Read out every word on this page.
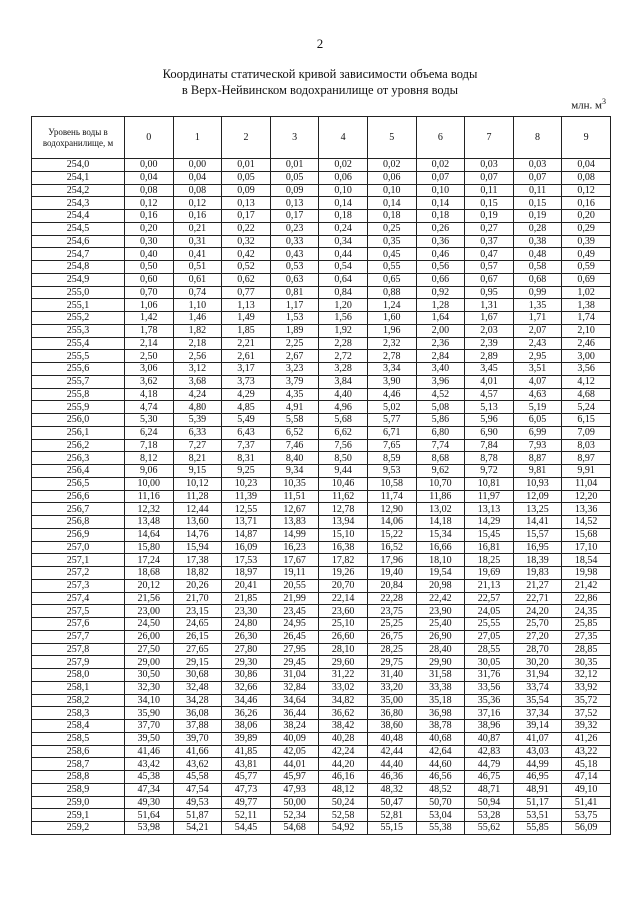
2
Координаты статической кривой зависимости объема воды
в Верх-Нейвинском водохранилище от уровня воды
млн. $м^3$
Уровень воды в водохранилище, м	0	1	2	3	4	5	6	7	8	9
254,0	0,00	0,00	0,01	0,01	0,02	0,02	0,02	0,03	0,03	0,04
254,1	0,04	0,04	0,05	0,05	0,06	0,06	0,07	0,07	0,07	0,08
254,2	0,08	0,08	0,09	0,09	0,10	0,10	0,10	0,11	0,11	0,12
254,3	0,12	0,12	0,13	0,13	0,14	0,14	0,14	0,15	0,15	0,16
254,4	0,16	0,16	0,17	0,17	0,18	0,18	0,18	0,19	0,19	0,20
254,5	0,20	0,21	0,22	0,23	0,24	0,25	0,26	0,27	0,28	0,29
254,6	0,30	0,31	0,32	0,33	0,34	0,35	0,36	0,37	0,38	0,39
254,7	0,40	0,41	0,42	0,43	0,44	0,45	0,46	0,47	0,48	0,49
254,8	0,50	0,51	0,52	0,53	0,54	0,55	0,56	0,57	0,58	0,59
254,9	0,60	0,61	0,62	0,63	0,64	0,65	0,66	0,67	0,68	0,69
255,0	0,70	0,74	0,77	0,81	0,84	0,88	0,92	0,95	0,99	1,02
255,1	1,06	1,10	1,13	1,17	1,20	1,24	1,28	1,31	1,35	1,38
255,2	1,42	1,46	1,49	1,53	1,56	1,60	1,64	1,67	1,71	1,74
255,3	1,78	1,82	1,85	1,89	1,92	1,96	2,00	2,03	2,07	2,10
255,4	2,14	2,18	2,21	2,25	2,28	2,32	2,36	2,39	2,43	2,46
255,5	2,50	2,56	2,61	2,67	2,72	2,78	2,84	2,89	2,95	3,00
255,6	3,06	3,12	3,17	3,23	3,28	3,34	3,40	3,45	3,51	3,56
255,7	3,62	3,68	3,73	3,79	3,84	3,90	3,96	4,01	4,07	4,12
255,8	4,18	4,24	4,29	4,35	4,40	4,46	4,52	4,57	4,63	4,68
255,9	4,74	4,80	4,85	4,91	4,96	5,02	5,08	5,13	5,19	5,24
256,0	5,30	5,39	5,49	5,58	5,68	5,77	5,86	5,96	6,05	6,15
256,1	6,24	6,33	6,43	6,52	6,62	6,71	6,80	6,90	6,99	7,09
256,2	7,18	7,27	7,37	7,46	7,56	7,65	7,74	7,84	7,93	8,03
256,3	8,12	8,21	8,31	8,40	8,50	8,59	8,68	8,78	8,87	8,97
256,4	9,06	9,15	9,25	9,34	9,44	9,53	9,62	9,72	9,81	9,91
256,5	10,00	10,12	10,23	10,35	10,46	10,58	10,70	10,81	10,93	11,04
256,6	11,16	11,28	11,39	11,51	11,62	11,74	11,86	11,97	12,09	12,20
256,7	12,32	12,44	12,55	12,67	12,78	12,90	13,02	13,13	13,25	13,36
256,8	13,48	13,60	13,71	13,83	13,94	14,06	14,18	14,29	14,41	14,52
256,9	14,64	14,76	14,87	14,99	15,10	15,22	15,34	15,45	15,57	15,68
257,0	15,80	15,94	16,09	16,23	16,38	16,52	16,66	16,81	16,95	17,10
257,1	17,24	17,38	17,53	17,67	17,82	17,96	18,10	18,25	18,39	18,54
257,2	18,68	18,82	18,97	19,11	19,26	19,40	19,54	19,69	19,83	19,98
257,3	20,12	20,26	20,41	20,55	20,70	20,84	20,98	21,13	21,27	21,42
257,4	21,56	21,70	21,85	21,99	22,14	22,28	22,42	22,57	22,71	22,86
257,5	23,00	23,15	23,30	23,45	23,60	23,75	23,90	24,05	24,20	24,35
257,6	24,50	24,65	24,80	24,95	25,10	25,25	25,40	25,55	25,70	25,85
257,7	26,00	26,15	26,30	26,45	26,60	26,75	26,90	27,05	27,20	27,35
257,8	27,50	27,65	27,80	27,95	28,10	28,25	28,40	28,55	28,70	28,85
257,9	29,00	29,15	29,30	29,45	29,60	29,75	29,90	30,05	30,20	30,35
258,0	30,50	30,68	30,86	31,04	31,22	31,40	31,58	31,76	31,94	32,12
258,1	32,30	32,48	32,66	32,84	33,02	33,20	33,38	33,56	33,74	33,92
258,2	34,10	34,28	34,46	34,64	34,82	35,00	35,18	35,36	35,54	35,72
258,3	35,90	36,08	36,26	36,44	36,62	36,80	36,98	37,16	37,34	37,52
258,4	37,70	37,88	38,06	38,24	38,42	38,60	38,78	38,96	39,14	39,32
258,5	39,50	39,70	39,89	40,09	40,28	40,48	40,68	40,87	41,07	41,26
258,6	41,46	41,66	41,85	42,05	42,24	42,44	42,64	42,83	43,03	43,22
258,7	43,42	43,62	43,81	44,01	44,20	44,40	44,60	44,79	44,99	45,18
258,8	45,38	45,58	45,77	45,97	46,16	46,36	46,56	46,75	46,95	47,14
258,9	47,34	47,54	47,73	47,93	48,12	48,32	48,52	48,71	48,91	49,10
259,0	49,30	49,53	49,77	50,00	50,24	50,47	50,70	50,94	51,17	51,41
259,1	51,64	51,87	52,11	52,34	52,58	52,81	53,04	53,28	53,51	53,75
259,2	53,98	54,21	54,45	54,68	54,92	55,15	55,38	55,62	55,85	56,09
